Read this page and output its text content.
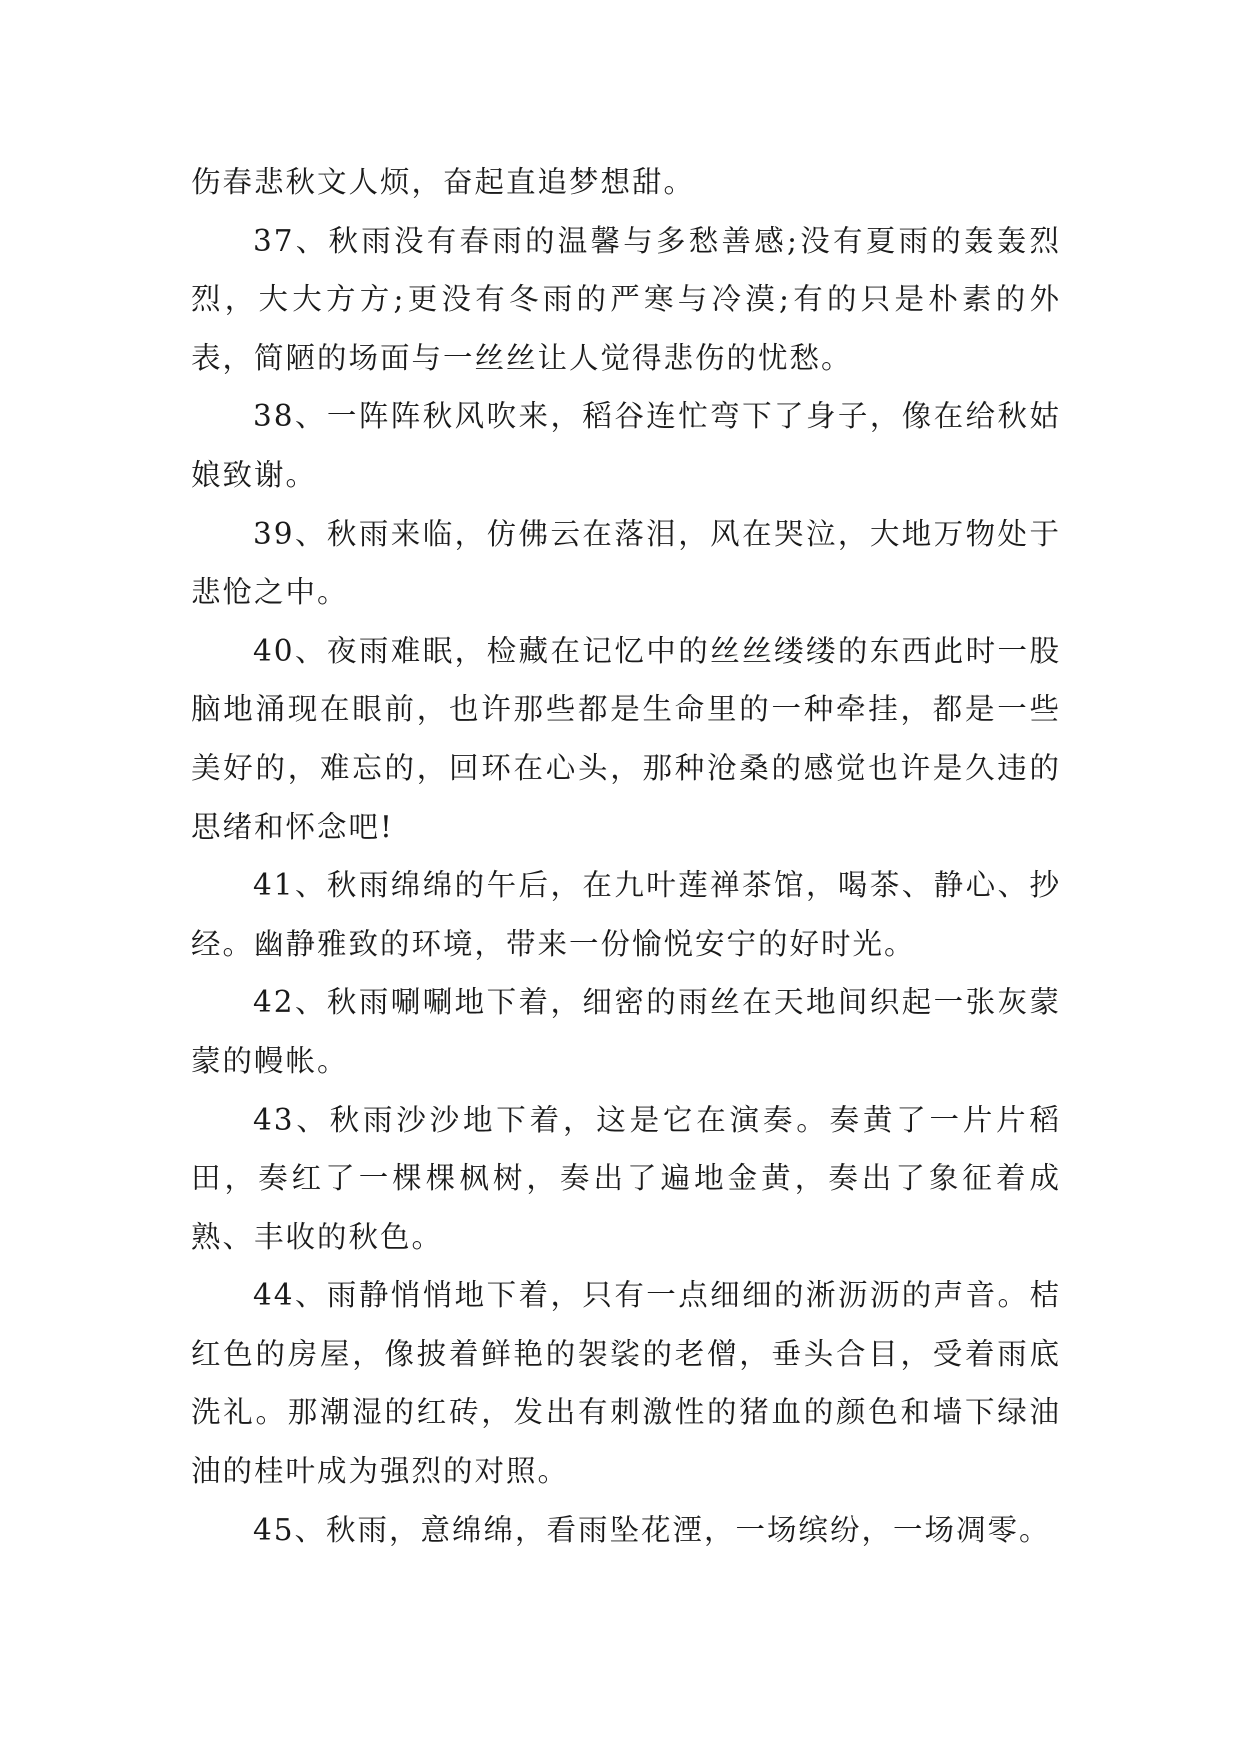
伤春悲秋文人烦，奋起直追梦想甜。

37、秋雨没有春雨的温馨与多愁善感;没有夏雨的轰轰烈烈，大大方方;更没有冬雨的严寒与冷漠;有的只是朴素的外表，简陋的场面与一丝丝让人觉得悲伤的忧愁。

38、一阵阵秋风吹来，稻谷连忙弯下了身子，像在给秋姑娘致谢。

39、秋雨来临，仿佛云在落泪，风在哭泣，大地万物处于悲怆之中。

40、夜雨难眠，检藏在记忆中的丝丝缕缕的东西此时一股脑地涌现在眼前，也许那些都是生命里的一种牵挂，都是一些美好的，难忘的，回环在心头，那种沧桑的感觉也许是久违的思绪和怀念吧!

41、秋雨绵绵的午后，在九叶莲禅茶馆，喝茶、静心、抄经。幽静雅致的环境，带来一份愉悦安宁的好时光。

42、秋雨唰唰地下着，细密的雨丝在天地间织起一张灰蒙蒙的幔帐。

43、秋雨沙沙地下着，这是它在演奏。奏黄了一片片稻田，奏红了一棵棵枫树，奏出了遍地金黄，奏出了象征着成熟、丰收的秋色。

44、雨静悄悄地下着，只有一点细细的淅沥沥的声音。桔红色的房屋，像披着鲜艳的袈裟的老僧，垂头合目，受着雨底洗礼。那潮湿的红砖，发出有刺激性的猪血的颜色和墙下绿油油的桂叶成为强烈的对照。

45、秋雨，意绵绵，看雨坠花湮，一场缤纷，一场凋零。
